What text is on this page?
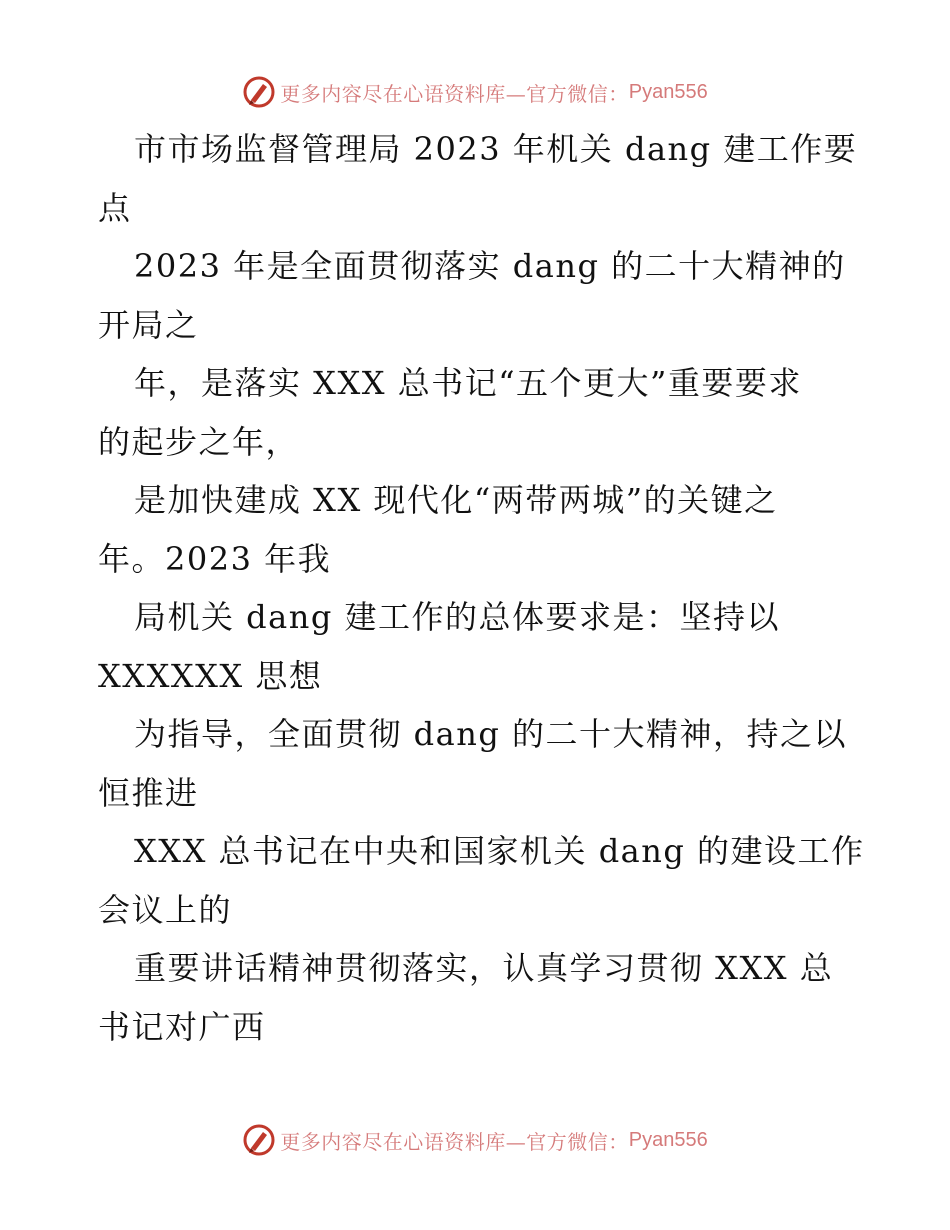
更多内容尽在心语资料库—官方微信： Pyan556

市市场监督管理局 2023 年机关 dang 建工作要
点

2023 年是全面贯彻落实 dang 的二十大精神的
开局之

年，是落实 XXX 总书记“五个更大”重要要求
的起步之年，

是加快建成 XX 现代化“两带两城”的关键之
年。2023 年我

局机关 dang 建工作的总体要求是：坚持以
XXXXXX 思想

为指导，全面贯彻 dang 的二十大精神，持之以
恒推进

XXX 总书记在中央和国家机关 dang 的建设工作
会议上的

重要讲话精神贯彻落实，认真学习贯彻 XXX 总
书记对广西

更多内容尽在心语资料库—官方微信： Pyan556
